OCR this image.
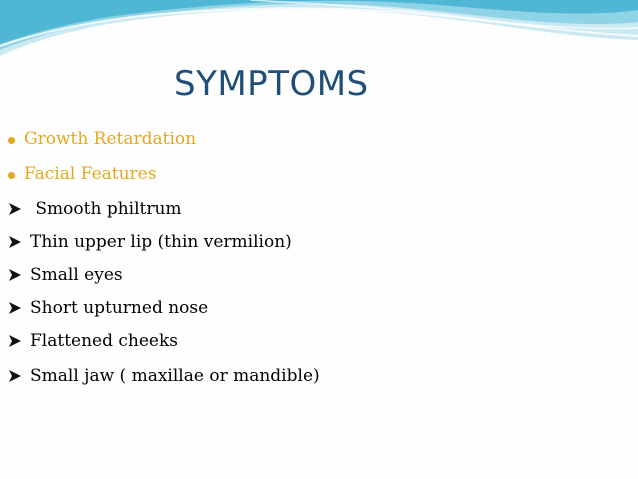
SYMPTOMS
Growth Retardation
Facial Features
Smooth philtrum
Thin upper lip (thin vermilion)
Small eyes
Short upturned nose
Flattened cheeks
Small jaw ( maxillae or mandible)
